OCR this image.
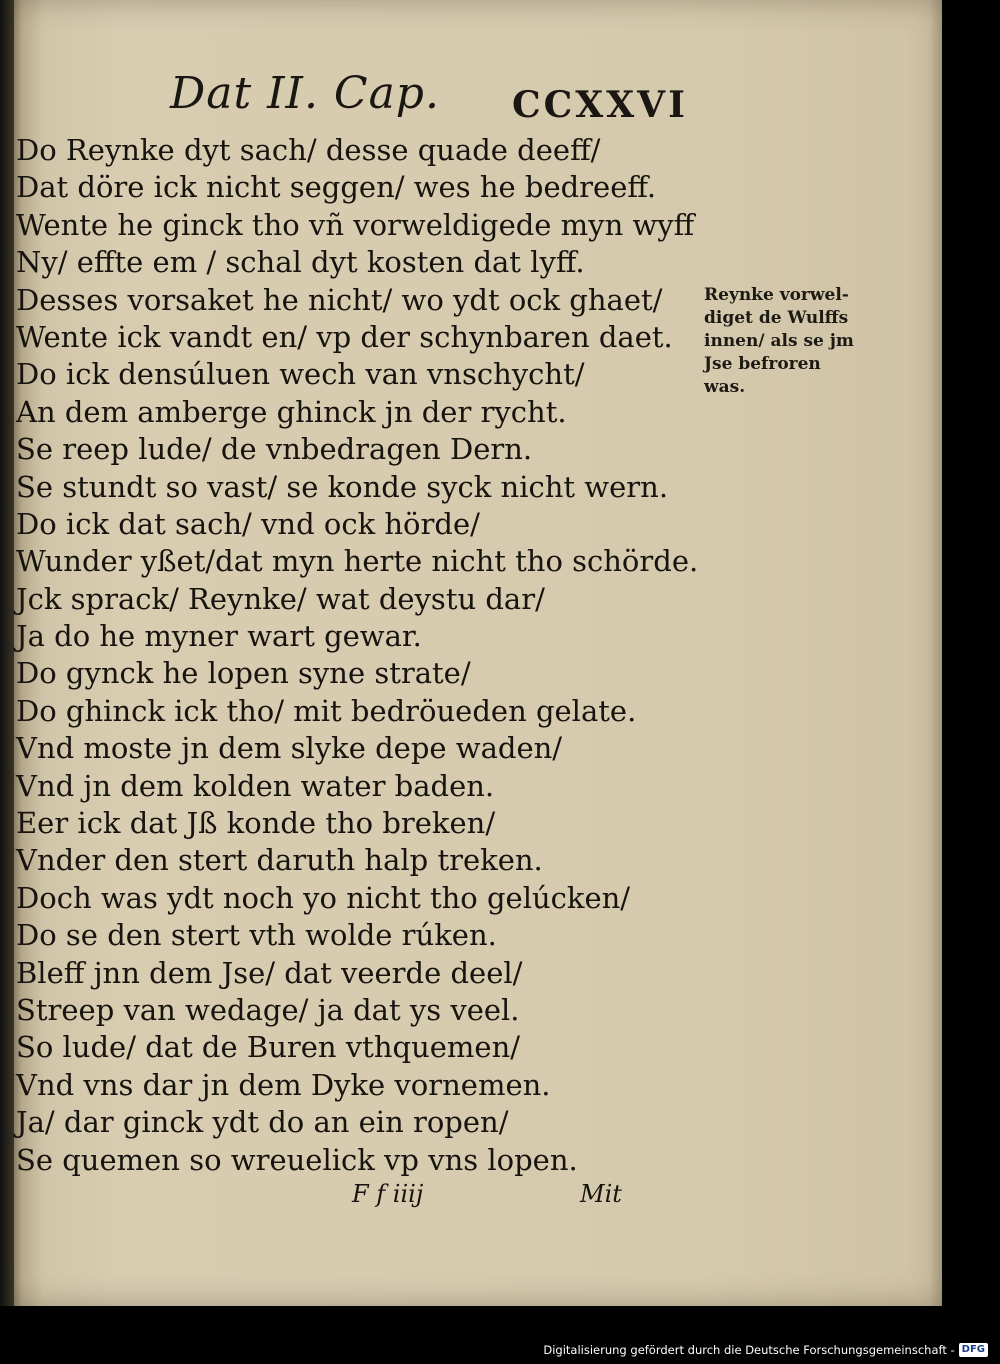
Dat II. Cap. CCXXVI
Do Reynke dyt sach/ desse quade deeff/
Dat döre ick nicht seggen/ wes he bedreeff.
Wente he ginck tho vñ vorweldigede myn wyff
Ny/ effte em / schal dyt kosten dat lyff.
Desses vorsaket he nicht/ wo ydt ock ghaet/
Wente ick vandt en/ vp der schynbaren daet.
Do ick densúluen wech van vnschycht/
An dem amberge ghinck jn der rycht.
Se reep lude/ de vnbedragen Dern.
Se stundt so vast/ se konde syck nicht wern.
Do ick dat sach/ vnd ock hörde/
Wunder yßet/dat myn herte nicht tho schörde.
Jck sprack/ Reynke/ wat deystu dar/
Ja do he myner wart gewar.
Do gynck he lopen syne strate/
Do ghinck ick tho/ mit bedröueden gelate.
Vnd moste jn dem slyke depe waden/
Vnd jn dem kolden water baden.
Eer ick dat Jß konde tho breken/
Vnder den stert daruth halp treken.
Doch was ydt noch yo nicht tho gelúcken/
Do se den stert vth wolde rúken.
Bleff jnn dem Jse/ dat veerde deel/
Streep van wedage/ ja dat ys veel.
So lude/ dat de Buren vthquemen/
Vnd vns dar jn dem Dyke vornemen.
Ja/ dar ginck ydt do an ein ropen/
Se quemen so wreuelick vp vns lopen.
Reynke vorwel-
diget de Wulffs
innen/ als se jm
Jse befroren
was.
F f iiij	Mit
Digitalisierung gefördert durch die Deutsche Forschungsgemeinschaft - DFG
